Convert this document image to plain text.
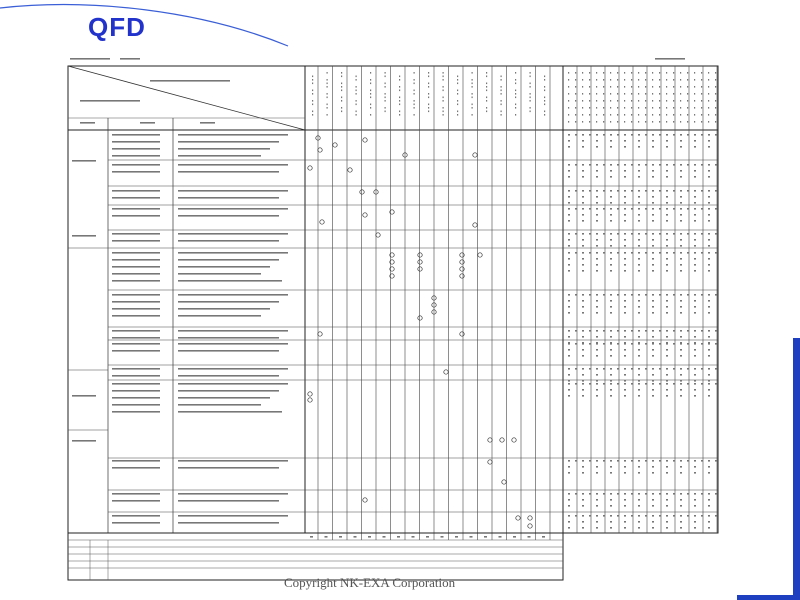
QFD
Copyright NK-EXA Corporation
